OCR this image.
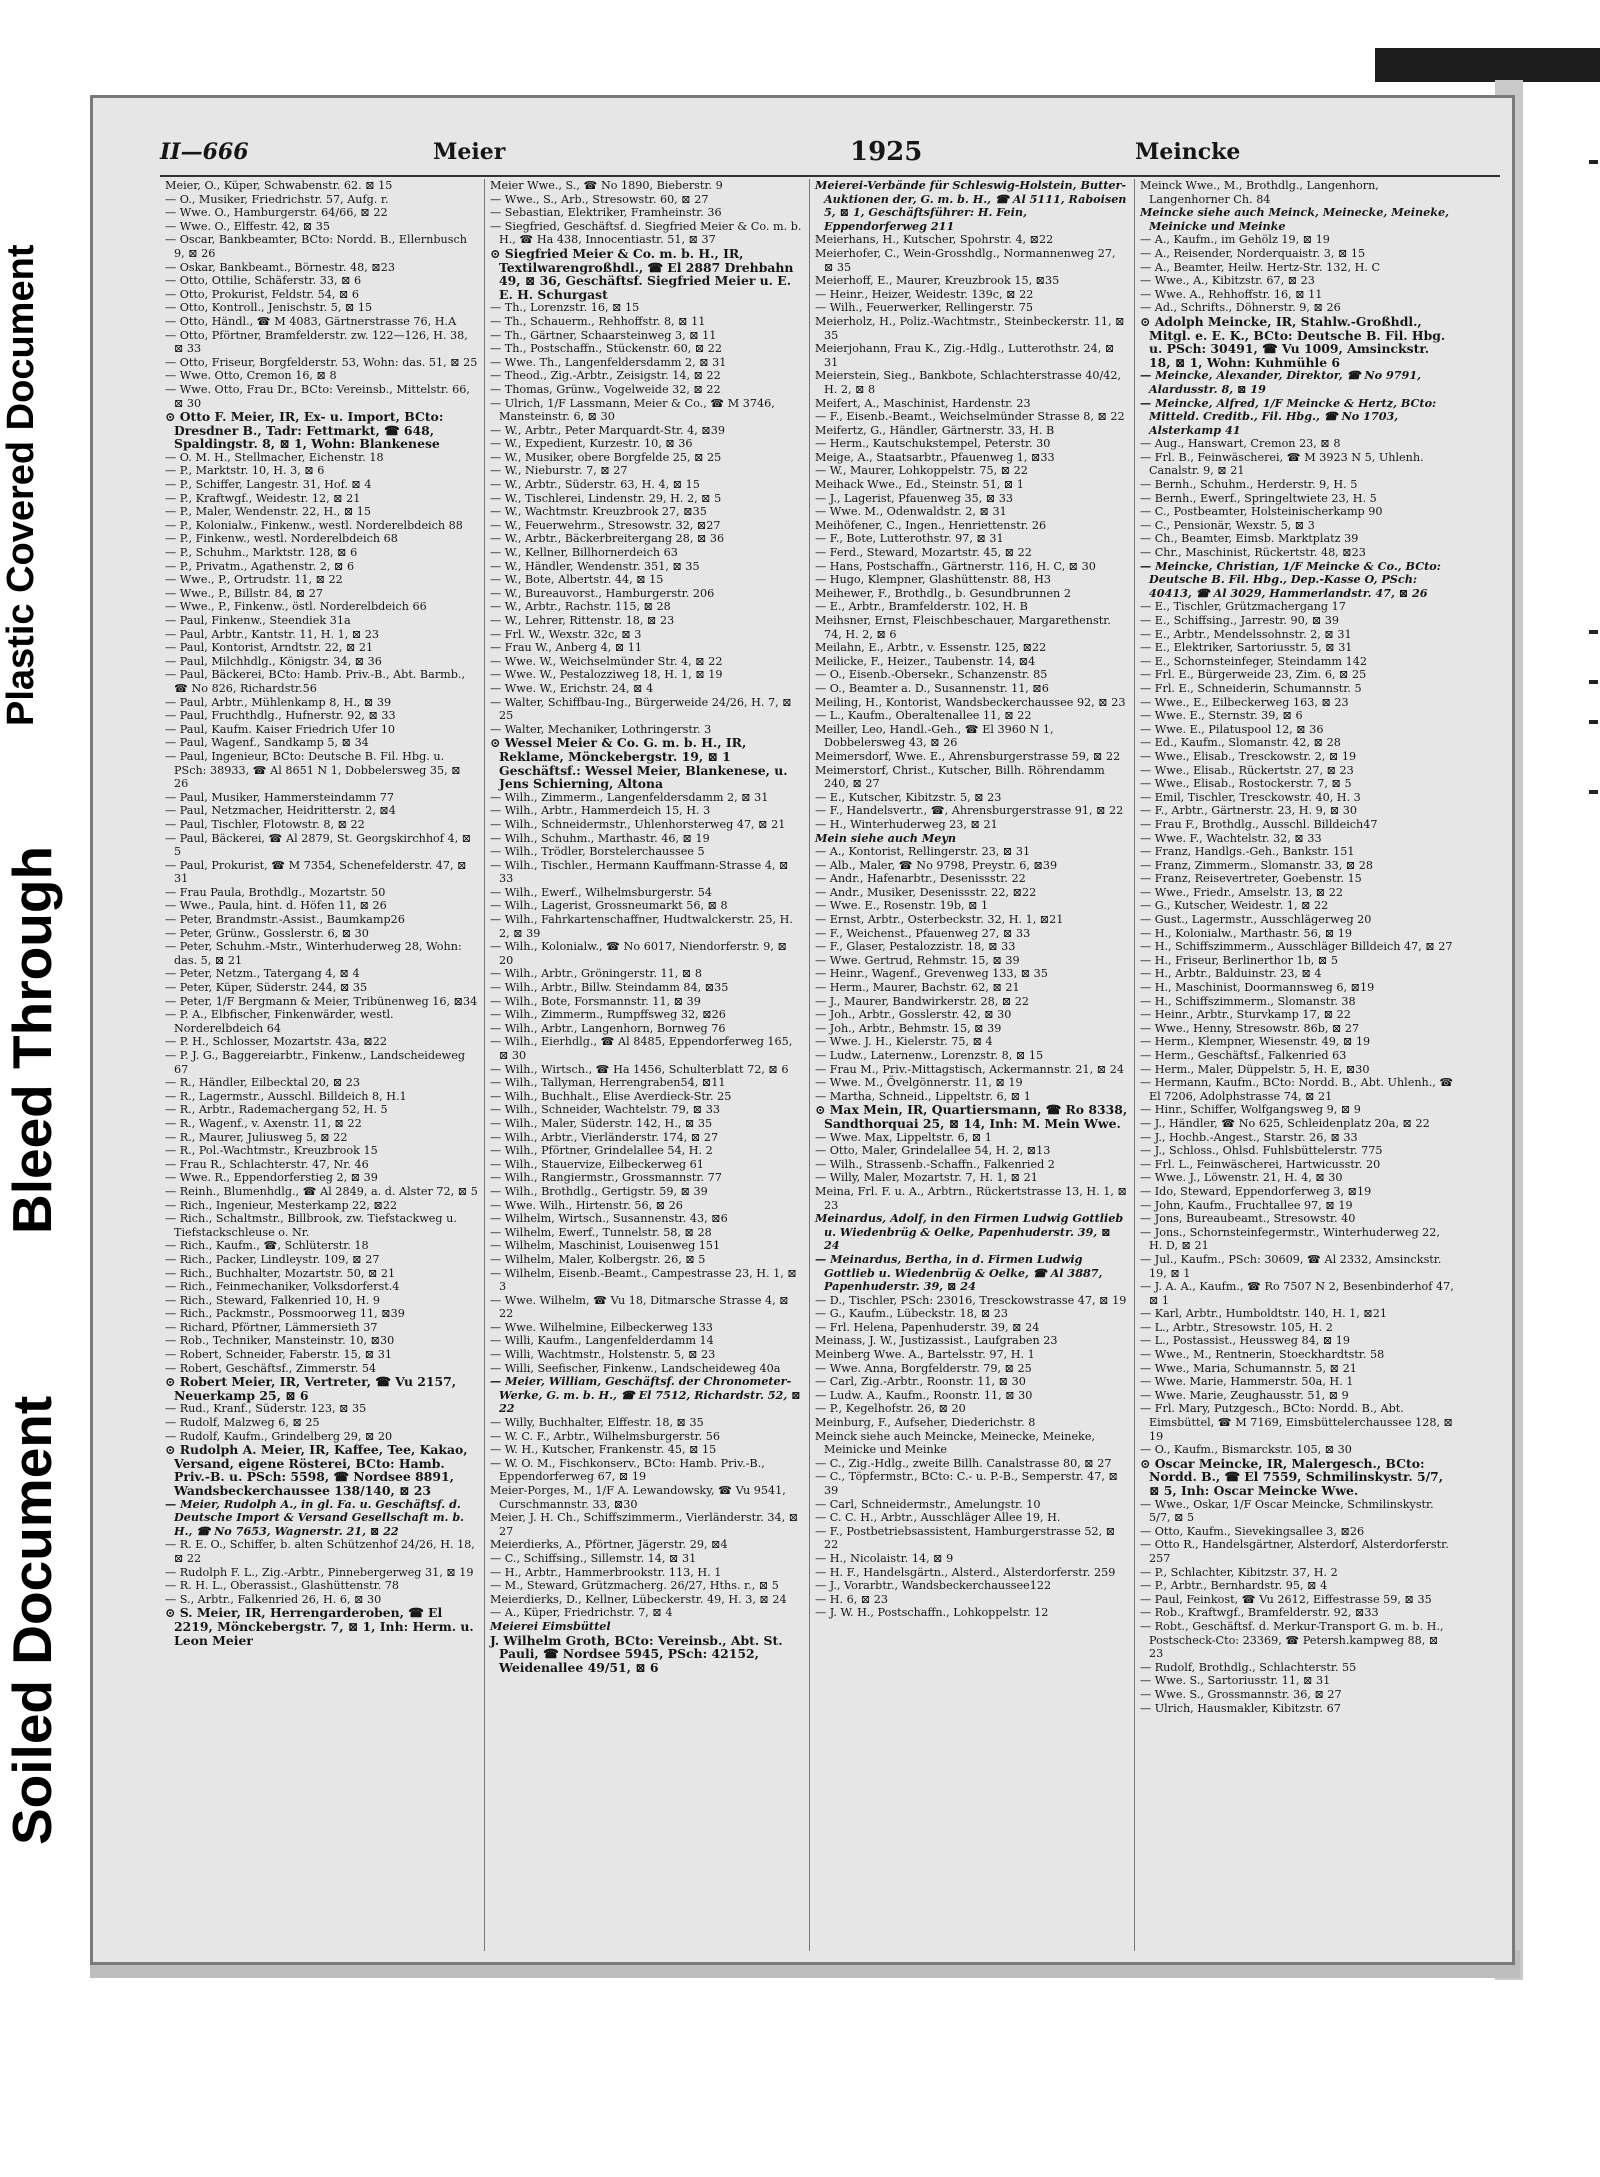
Plastic Covered Document
Bleed Through
Soiled Document
II—666	Meier	1925	Meincke
Meier, O., Küper, Schwabenstr. 62. ⊠ 15
— O., Musiker, Friedrichstr. 57, Aufg. r.
— Wwe. O., Hamburgerstr. 64/66, ⊠ 22
— Wwe. O., Elffestr. 42, ⊠ 35
— Oscar, Bankbeamter, BCto: Nordd. B., Ellernbusch 9, ⊠ 26
— Oskar, Bankbeamt., Börnestr. 48, ⊠23
— Otto, Ottilie, Schäferstr. 33, ⊠ 6
— Otto, Prokurist, Feldstr. 54, ⊠ 6
— Otto, Kontroll., Jenischstr. 5, ⊠ 15
— Otto, Händl., ☎ M 4083, Gärtnerstrasse 76, H.A
— Otto, Pförtner, Bramfelderstr. zw. 122—126, H. 38, ⊠ 33
— Otto, Friseur, Borgfelderstr. 53, Wohn: das. 51, ⊠ 25
— Wwe. Otto, Cremon 16, ⊠ 8
— Wwe. Otto, Frau Dr., BCto: Vereinsb., Mittelstr. 66, ⊠ 30
⊙ Otto F. Meier, IR, Ex- u. Import, BCto: Dresdner B., Tadr: Fettmarkt, ☎ 648, Spaldingstr. 8, ⊠ 1, Wohn: Blankenese
— O. M. H., Stellmacher, Eichenstr. 18
— P., Marktstr. 10, H. 3, ⊠ 6
— P., Schiffer, Langestr. 31, Hof. ⊠ 4
— P., Kraftwgf., Weidestr. 12, ⊠ 21
— P., Maler, Wendenstr. 22, H., ⊠ 15
— P., Kolonialw., Finkenw., westl. Norderelbdeich 88
— P., Finkenw., westl. Norderelbdeich 68
— P., Schuhm., Marktstr. 128, ⊠ 6
— P., Privatm., Agathenstr. 2, ⊠ 6
— Wwe., P., Ortrudstr. 11, ⊠ 22
— Wwe., P., Billstr. 84, ⊠ 27
— Wwe., P., Finkenw., östl. Norderelbdeich 66
— Paul, Finkenw., Steendiek 31a
— Paul, Arbtr., Kantstr. 11, H. 1, ⊠ 23
— Paul, Kontorist, Arndtstr. 22, ⊠ 21
— Paul, Milchhdlg., Königstr. 34, ⊠ 36
— Paul, Bäckerei, BCto: Hamb. Priv.-B., Abt. Barmb., ☎ No 826, Richardstr.56
— Paul, Arbtr., Mühlenkamp 8, H., ⊠ 39
— Paul, Fruchthdlg., Hufnerstr. 92, ⊠ 33
— Paul, Kaufm. Kaiser Friedrich Ufer 10
— Paul, Wagenf., Sandkamp 5, ⊠ 34
— Paul, Ingenieur, BCto: Deutsche B. Fil. Hbg. u. PSch: 38933, ☎ Al 8651 N 1, Dobbelersweg 35, ⊠ 26
— Paul, Musiker, Hammersteindamm 77
— Paul, Netzmacher, Heidritterstr. 2, ⊠4
— Paul, Tischler, Flotowstr. 8, ⊠ 22
— Paul, Bäckerei, ☎ Al 2879, St. Georgskirchhof 4, ⊠ 5
— Paul, Prokurist, ☎ M 7354, Schenefelderstr. 47, ⊠ 31
— Frau Paula, Brothdlg., Mozartstr. 50
— Wwe., Paula, hint. d. Höfen 11, ⊠ 26
— Peter, Brandmstr.-Assist., Baumkamp26
— Peter, Grünw., Gosslerstr. 6, ⊠ 30
— Peter, Schuhm.-Mstr., Winterhuderweg 28, Wohn: das. 5, ⊠ 21
— Peter, Netzm., Tatergang 4, ⊠ 4
— Peter, Küper, Süderstr. 244, ⊠ 35
— Peter, 1/F Bergmann & Meier, Tribünenweg 16, ⊠34
— P. A., Elbfischer, Finkenwärder, westl. Norderelbdeich 64
— P. H., Schlosser, Mozartstr. 43a, ⊠22
— P. J. G., Baggereiarbtr., Finkenw., Landscheideweg 67
— R., Händler, Eilbecktal 20, ⊠ 23
— R., Lagermstr., Ausschl. Billdeich 8, H.1
— R., Arbtr., Rademachergang 52, H. 5
— R., Wagenf., v. Axenstr. 11, ⊠ 22
— R., Maurer, Juliusweg 5, ⊠ 22
— R., Pol.-Wachtmstr., Kreuzbrook 15
— Frau R., Schlachterstr. 47, Nr. 46
— Wwe. R., Eppendorferstieg 2, ⊠ 39
— Reinh., Blumenhdlg., ☎ Al 2849, a. d. Alster 72, ⊠ 5
— Rich., Ingenieur, Mesterkamp 22, ⊠22
— Rich., Schaltmstr., Billbrook, zw. Tiefstackweg u. Tiefstackschleuse o. Nr.
— Rich., Kaufm., ☎, Schlüterstr. 18
— Rich., Packer, Lindleystr. 109, ⊠ 27
— Rich., Buchhalter, Mozartstr. 50, ⊠ 21
— Rich., Feinmechaniker, Volksdorferst.4
— Rich., Steward, Falkenried 10, H. 9
— Rich., Packmstr., Possmoorweg 11, ⊠39
— Richard, Pförtner, Lämmersieth 37
— Rob., Techniker, Mansteinstr. 10, ⊠30
— Robert, Schneider, Faberstr. 15, ⊠ 31
— Robert, Geschäftsf., Zimmerstr. 54
⊙ Robert Meier, IR, Vertreter, ☎ Vu 2157, Neuerkamp 25, ⊠ 6
— Rud., Kranf., Süderstr. 123, ⊠ 35
— Rudolf, Malzweg 6, ⊠ 25
— Rudolf, Kaufm., Grindelberg 29, ⊠ 20
⊙ Rudolph A. Meier, IR, Kaffee, Tee, Kakao, Versand, eigene Rösterei, BCto: Hamb. Priv.-B. u. PSch: 5598, ☎ Nordsee 8891, Wandsbeckerchaussee 138/140, ⊠ 23
— Meier, Rudolph A., in gl. Fa. u. Geschäftsf. d. Deutsche Import & Versand Gesellschaft m. b. H., ☎ No 7653, Wagnerstr. 21, ⊠ 22
— R. E. O., Schiffer, b. alten Schützenhof 24/26, H. 18, ⊠ 22
— Rudolph F. L., Zig.-Arbtr., Pinnebergerweg 31, ⊠ 19
— R. H. L., Oberassist., Glashüttenstr. 78
— S., Arbtr., Falkenried 26, H. 6, ⊠ 30
⊙ S. Meier, IR, Herrengarderoben, ☎ El 2219, Mönckebergstr. 7, ⊠ 1, Inh: Herm. u. Leon Meier
Meier Wwe., S., ☎ No 1890, Bieberstr. 9
— Wwe., S., Arb., Stresowstr. 60, ⊠ 27
— Sebastian, Elektriker, Framheinstr. 36
— Siegfried, Geschäftsf. d. Siegfried Meier & Co. m. b. H., ☎ Ha 438, Innocentiastr. 51, ⊠ 37
⊙ Siegfried Meier & Co. m. b. H., IR, Textilwarengroßhdl., ☎ El 2887 Drehbahn 49, ⊠ 36, Geschäftsf. Siegfried Meier u. E. E. H. Schurgast
— Th., Lorenzstr. 16, ⊠ 15
— Th., Schauerm., Rehhoffstr. 8, ⊠ 11
— Th., Gärtner, Schaarsteinweg 3, ⊠ 11
— Th., Postschaffn., Stückenstr. 60, ⊠ 22
— Wwe. Th., Langenfeldersdamm 2, ⊠ 31
— Theod., Zig.-Arbtr., Zeisigstr. 14, ⊠ 22
— Thomas, Grünw., Vogelweide 32, ⊠ 22
— Ulrich, 1/F Lassmann, Meier & Co., ☎ M 3746, Mansteinstr. 6, ⊠ 30
— W., Arbtr., Peter Marquardt-Str. 4, ⊠39
— W., Expedient, Kurzestr. 10, ⊠ 36
— W., Musiker, obere Borgfelde 25, ⊠ 25
— W., Nieburstr. 7, ⊠ 27
— W., Arbtr., Süderstr. 63, H. 4, ⊠ 15
— W., Tischlerei, Lindenstr. 29, H. 2, ⊠ 5
— W., Wachtmstr. Kreuzbrook 27, ⊠35
— W., Feuerwehrm., Stresowstr. 32, ⊠27
— W., Arbtr., Bäckerbreitergang 28, ⊠ 36
— W., Kellner, Billhornerdeich 63
— W., Händler, Wendenstr. 351, ⊠ 35
— W., Bote, Albertstr. 44, ⊠ 15
— W., Bureauvorst., Hamburgerstr. 206
— W., Arbtr., Rachstr. 115, ⊠ 28
— W., Lehrer, Rittenstr. 18, ⊠ 23
— Frl. W., Wexstr. 32c, ⊠ 3
— Frau W., Anberg 4, ⊠ 11
— Wwe. W., Weichselmünder Str. 4, ⊠ 22
— Wwe. W., Pestalozziweg 18, H. 1, ⊠ 19
— Wwe. W., Erichstr. 24, ⊠ 4
— Walter, Schiffbau-Ing., Bürgerweide 24/26, H. 7, ⊠ 25
— Walter, Mechaniker, Lothringerstr. 3
⊙ Wessel Meier & Co. G. m. b. H., IR, Reklame, Mönckebergstr. 19, ⊠ 1 Geschäftsf.: Wessel Meier, Blankenese, u. Jens Schierning, Altona
— Wilh., Zimmerm., Langenfeldersdamm 2, ⊠ 31
— Wilh., Arbtr., Hammerdeich 15, H. 3
— Wilh., Schneidermstr., Uhlenhorsterweg 47, ⊠ 21
— Wilh., Schuhm., Marthastr. 46, ⊠ 19
— Wilh., Trödler, Borstelerchaussee 5
— Wilh., Tischler., Hermann Kauffmann-Strasse 4, ⊠ 33
— Wilh., Ewerf., Wilhelmsburgerstr. 54
— Wilh., Lagerist, Grossneumarkt 56, ⊠ 8
— Wilh., Fahrkartenschaffner, Hudtwalckerstr. 25, H. 2, ⊠ 39
— Wilh., Kolonialw., ☎ No 6017, Niendorferstr. 9, ⊠ 20
— Wilh., Arbtr., Gröningerstr. 11, ⊠ 8
— Wilh., Arbtr., Billw. Steindamm 84, ⊠35
— Wilh., Bote, Forsmannstr. 11, ⊠ 39
— Wilh., Zimmerm., Rumpffsweg 32, ⊠26
— Wilh., Arbtr., Langenhorn, Bornweg 76
— Wilh., Eierhdlg., ☎ Al 8485, Eppendorferweg 165, ⊠ 30
— Wilh., Wirtsch., ☎ Ha 1456, Schulterblatt 72, ⊠ 6
— Wilh., Tallyman, Herrengraben54, ⊠11
— Wilh., Buchhalt., Elise Averdieck-Str. 25
— Wilh., Schneider, Wachtelstr. 79, ⊠ 33
— Wilh., Maler, Süderstr. 142, H., ⊠ 35
— Wilh., Arbtr., Vierländerstr. 174, ⊠ 27
— Wilh., Pförtner, Grindelallee 54, H. 2
— Wilh., Stauervize, Eilbeckerweg 61
— Wilh., Rangiermstr., Grossmannstr. 77
— Wilh., Brothdlg., Gertigstr. 59, ⊠ 39
— Wwe. Wilh., Hirtenstr. 56, ⊠ 26
— Wilhelm, Wirtsch., Susannenstr. 43, ⊠6
— Wilhelm, Ewerf., Tunnelstr. 58, ⊠ 28
— Wilhelm, Maschinist, Louisenweg 151
— Wilhelm, Maler, Kolbergstr. 26, ⊠ 5
— Wilhelm, Eisenb.-Beamt., Campestrasse 23, H. 1, ⊠ 3
— Wwe. Wilhelm, ☎ Vu 18, Ditmarsche Strasse 4, ⊠ 22
— Wwe. Wilhelmine, Eilbeckerweg 133
— Willi, Kaufm., Langenfelderdamm 14
— Willi, Wachtmstr., Holstenstr. 5, ⊠ 23
— Willi, Seefischer, Finkenw., Landscheideweg 40a
— Meier, William, Geschäftsf. der Chronometer-Werke, G. m. b. H., ☎ El 7512, Richardstr. 52, ⊠ 22
— Willy, Buchhalter, Elffestr. 18, ⊠ 35
— W. C. F., Arbtr., Wilhelmsburgerstr. 56
— W. H., Kutscher, Frankenstr. 45, ⊠ 15
— W. O. M., Fischkonserv., BCto: Hamb. Priv.-B., Eppendorferweg 67, ⊠ 19
Meier-Porges, M., 1/F A. Lewandowsky, ☎ Vu 9541, Curschmannstr. 33, ⊠30
Meier, J. H. Ch., Schiffszimmerm., Vierländerstr. 34, ⊠ 27
Meierdierks, A., Pförtner, Jägerstr. 29, ⊠4
— C., Schiffsing., Sillemstr. 14, ⊠ 31
— H., Arbtr., Hammerbrookstr. 113, H. 1
— M., Steward, Grützmacherg. 26/27, Hths. r., ⊠ 5
Meierdierks, D., Kellner, Lübeckerstr. 49, H. 3, ⊠ 24
— A., Küper, Friedrichstr. 7, ⊠ 4
Meierei Eimsbüttel
J. Wilhelm Groth, BCto: Vereinsb., Abt. St. Pauli, ☎ Nordsee 5945, PSch: 42152, Weidenallee 49/51, ⊠ 6
Meierei-Verbände für Schleswig-Holstein, Butter-Auktionen der, G. m. b. H., ☎ Al 5111, Raboisen 5, ⊠ 1, Geschäftsführer: H. Fein, Eppendorferweg 211
Meierhans, H., Kutscher, Spohrstr. 4, ⊠22
Meierhofer, C., Wein-Grosshdlg., Normannenweg 27, ⊠ 35
Meierhoff, E., Maurer, Kreuzbrook 15, ⊠35
— Heinr., Heizer, Weidestr. 139c, ⊠ 22
— Wilh., Feuerwerker, Rellingerstr. 75
Meierholz, H., Poliz.-Wachtmstr., Steinbeckerstr. 11, ⊠ 35
Meierjohann, Frau K., Zig.-Hdlg., Lutterothstr. 24, ⊠ 31
Meierstein, Sieg., Bankbote, Schlachterstrasse 40/42, H. 2, ⊠ 8
Meifert, A., Maschinist, Hardenstr. 23
— F., Eisenb.-Beamt., Weichselmünder Strasse 8, ⊠ 22
Meifertz, G., Händler, Gärtnerstr. 33, H. B
— Herm., Kautschukstempel, Peterstr. 30
Meige, A., Staatsarbtr., Pfauenweg 1, ⊠33
— W., Maurer, Lohkoppelstr. 75, ⊠ 22
Meihack Wwe., Ed., Steinstr. 51, ⊠ 1
— J., Lagerist, Pfauenweg 35, ⊠ 33
— Wwe. M., Odenwaldstr. 2, ⊠ 31
Meihöfener, C., Ingen., Henriettenstr. 26
— F., Bote, Lutterothstr. 97, ⊠ 31
— Ferd., Steward, Mozartstr. 45, ⊠ 22
— Hans, Postschaffn., Gärtnerstr. 116, H. C, ⊠ 30
— Hugo, Klempner, Glashüttenstr. 88, H3
Meihewer, F., Brothdlg., b. Gesundbrunnen 2
— E., Arbtr., Bramfelderstr. 102, H. B
Meihsner, Ernst, Fleischbeschauer, Margarethenstr. 74, H. 2, ⊠ 6
Meilahn, E., Arbtr., v. Essenstr. 125, ⊠22
Meilicke, F., Heizer., Taubenstr. 14, ⊠4
— O., Eisenb.-Obersekr., Schanzenstr. 85
— O., Beamter a. D., Susannenstr. 11, ⊠6
Meiling, H., Kontorist, Wandsbeckerchaussee 92, ⊠ 23
— L., Kaufm., Oberaltenallee 11, ⊠ 22
Meiller, Leo, Handl.-Geh., ☎ El 3960 N 1, Dobbelersweg 43, ⊠ 26
Meimersdorf, Wwe. E., Ahrensburgerstrasse 59, ⊠ 22
Meimerstorf, Christ., Kutscher, Billh. Röhrendamm 240, ⊠ 27
— E., Kutscher, Kibitzstr. 5, ⊠ 23
— F., Handelsvertr., ☎, Ahrensburgerstrasse 91, ⊠ 22
— H., Winterhuderweg 23, ⊠ 21
Mein siehe auch Meyn
— A., Kontorist, Rellingerstr. 23, ⊠ 31
— Alb., Maler, ☎ No 9798, Preystr. 6, ⊠39
— Andr., Hafenarbtr., Desenissstr. 22
— Andr., Musiker, Desenissstr. 22, ⊠22
— Wwe. E., Rosenstr. 19b, ⊠ 1
— Ernst, Arbtr., Osterbeckstr. 32, H. 1, ⊠21
— F., Weichenst., Pfauenweg 27, ⊠ 33
— F., Glaser, Pestalozzistr. 18, ⊠ 33
— Wwe. Gertrud, Rehmstr. 15, ⊠ 39
— Heinr., Wagenf., Grevenweg 133, ⊠ 35
— Herm., Maurer, Bachstr. 62, ⊠ 21
— J., Maurer, Bandwirkerstr. 28, ⊠ 22
— Joh., Arbtr., Gosslerstr. 42, ⊠ 30
— Joh., Arbtr., Behmstr. 15, ⊠ 39
— Wwe. J. H., Kielerstr. 75, ⊠ 4
— Ludw., Laternenw., Lorenzstr. 8, ⊠ 15
— Frau M., Priv.-Mittagstisch, Ackermannstr. 21, ⊠ 24
— Wwe. M., Övelgönnerstr. 11, ⊠ 19
— Martha, Schneid., Lippeltstr. 6, ⊠ 1
⊙ Max Mein, IR, Quartiersmann, ☎ Ro 8338, Sandthorquai 25, ⊠ 14, Inh: M. Mein Wwe.
— Wwe. Max, Lippeltstr. 6, ⊠ 1
— Otto, Maler, Grindelallee 54, H. 2, ⊠13
— Wilh., Strassenb.-Schaffn., Falkenried 2
— Willy, Maler, Mozartstr. 7, H. 1, ⊠ 21
Meina, Frl. F. u. A., Arbtrn., Rückertstrasse 13, H. 1, ⊠ 23
Meinardus, Adolf, in den Firmen Ludwig Gottlieb u. Wiedenbrüg & Oelke, Papenhuderstr. 39, ⊠ 24
— Meinardus, Bertha, in d. Firmen Ludwig Gottlieb u. Wiedenbrüg & Oelke, ☎ Al 3887, Papenhuderstr. 39, ⊠ 24
— D., Tischler, PSch: 23016, Tresckowstrasse 47, ⊠ 19
— G., Kaufm., Lübeckstr. 18, ⊠ 23
— Frl. Helena, Papenhuderstr. 39, ⊠ 24
Meinass, J. W., Justizassist., Laufgraben 23
Meinberg Wwe. A., Bartelsstr. 97, H. 1
— Wwe. Anna, Borgfelderstr. 79, ⊠ 25
— Carl, Zig.-Arbtr., Roonstr. 11, ⊠ 30
— Ludw. A., Kaufm., Roonstr. 11, ⊠ 30
— P., Kegelhofstr. 26, ⊠ 20
Meinburg, F., Aufseher, Diederichstr. 8
Meinck siehe auch Meincke, Meinecke, Meineke, Meinicke und Meinke
— C., Zig.-Hdlg., zweite Billh. Canalstrasse 80, ⊠ 27
— C., Töpfermstr., BCto: C.- u. P.-B., Semperstr. 47, ⊠ 39
— Carl, Schneidermstr., Amelungstr. 10
— C. C. H., Arbtr., Ausschläger Allee 19, H.
— F., Postbetriebsassistent, Hamburgerstrasse 52, ⊠ 22
— H., Nicolaistr. 14, ⊠ 9
— H. F., Handelsgärtn., Alsterd., Alsterdorferstr. 259
— J., Vorarbtr., Wandsbeckerchaussee122
— H. 6, ⊠ 23
— J. W. H., Postschaffn., Lohkoppelstr. 12
Meinck Wwe., M., Brothdlg., Langenhorn, Langenhorner Ch. 84
Meincke siehe auch Meinck, Meinecke, Meineke, Meinicke und Meinke
— A., Kaufm., im Gehölz 19, ⊠ 19
— A., Reisender, Norderquaistr. 3, ⊠ 15
— A., Beamter, Heilw. Hertz-Str. 132, H. C
— Wwe., A., Kibitzstr. 67, ⊠ 23
— Wwe. A., Rehhoffstr. 16, ⊠ 11
— Ad., Schrifts., Döhnerstr. 9, ⊠ 26
⊙ Adolph Meincke, IR, Stahlw.-Großhdl., Mitgl. e. E. K., BCto: Deutsche B. Fil. Hbg. u. PSch: 30491, ☎ Vu 1009, Amsinckstr. 18, ⊠ 1, Wohn: Kuhmühle 6
— Meincke, Alexander, Direktor, ☎ No 9791, Alardusstr. 8, ⊠ 19
— Meincke, Alfred, 1/F Meincke & Hertz, BCto: Mitteld. Creditb., Fil. Hbg., ☎ No 1703, Alsterkamp 41
— Aug., Hanswart, Cremon 23, ⊠ 8
— Frl. B., Feinwäscherei, ☎ M 3923 N 5, Uhlenh. Canalstr. 9, ⊠ 21
— Bernh., Schuhm., Herderstr. 9, H. 5
— Bernh., Ewerf., Springeltwiete 23, H. 5
— C., Postbeamter, Holsteinischerkamp 90
— C., Pensionär, Wexstr. 5, ⊠ 3
— Ch., Beamter, Eimsb. Marktplatz 39
— Chr., Maschinist, Rückertstr. 48, ⊠23
— Meincke, Christian, 1/F Meincke & Co., BCto: Deutsche B. Fil. Hbg., Dep.-Kasse O, PSch: 40413, ☎ Al 3029, Hammerlandstr. 47, ⊠ 26
— E., Tischler, Grützmachergang 17
— E., Schiffsing., Jarrestr. 90, ⊠ 39
— E., Arbtr., Mendelssohnstr. 2, ⊠ 31
— E., Elektriker, Sartoriusstr. 5, ⊠ 31
— E., Schornsteinfeger, Steindamm 142
— Frl. E., Bürgerweide 23, Zim. 6, ⊠ 25
— Frl. E., Schneiderin, Schumannstr. 5
— Wwe., E., Eilbeckerweg 163, ⊠ 23
— Wwe. E., Sternstr. 39, ⊠ 6
— Wwe. E., Pilatuspool 12, ⊠ 36
— Ed., Kaufm., Slomanstr. 42, ⊠ 28
— Wwe., Elisab., Tresckowstr. 2, ⊠ 19
— Wwe., Elisab., Rückertstr. 27, ⊠ 23
— Wwe., Elisab., Rostockerstr. 7, ⊠ 5
— Emil, Tischler, Tresckowstr. 40, H. 3
— F., Arbtr., Gärtnerstr. 23, H. 9, ⊠ 30
— Frau F., Brothdlg., Ausschl. Billdeich47
— Wwe. F., Wachtelstr. 32, ⊠ 33
— Franz, Handlgs.-Geh., Bankstr. 151
— Franz, Zimmerm., Slomanstr. 33, ⊠ 28
— Franz, Reisevertreter, Goebenstr. 15
— Wwe., Friedr., Amselstr. 13, ⊠ 22
— G., Kutscher, Weidestr. 1, ⊠ 22
— Gust., Lagermstr., Ausschlägerweg 20
— H., Kolonialw., Marthastr. 56, ⊠ 19
— H., Schiffszimmerm., Ausschläger Billdeich 47, ⊠ 27
— H., Friseur, Berlinerthor 1b, ⊠ 5
— H., Arbtr., Balduinstr. 23, ⊠ 4
— H., Maschinist, Doormannsweg 6, ⊠19
— H., Schiffszimmerm., Slomanstr. 38
— Heinr., Arbtr., Sturvkamp 17, ⊠ 22
— Wwe., Henny, Stresowstr. 86b, ⊠ 27
— Herm., Klempner, Wiesenstr. 49, ⊠ 19
— Herm., Geschäftsf., Falkenried 63
— Herm., Maler, Düppelstr. 5, H. E, ⊠30
— Hermann, Kaufm., BCto: Nordd. B., Abt. Uhlenh., ☎ El 7206, Adolphstrasse 74, ⊠ 21
— Hinr., Schiffer, Wolfgangsweg 9, ⊠ 9
— J., Händler, ☎ No 625, Schleidenplatz 20a, ⊠ 22
— J., Hochb.-Angest., Starstr. 26, ⊠ 33
— J., Schloss., Ohlsd. Fuhlsbüttelerstr. 775
— Frl. L., Feinwäscherei, Hartwicusstr. 20
— Wwe. J., Löwenstr. 21, H. 4, ⊠ 30
— Ido, Steward, Eppendorferweg 3, ⊠19
— John, Kaufm., Fruchtallee 97, ⊠ 19
— Jons, Bureaubeamt., Stresowstr. 40
— Jons., Schornsteinfegermstr., Winterhuderweg 22, H. D, ⊠ 21
— Jul., Kaufm., PSch: 30609, ☎ Al 2332, Amsinckstr. 19, ⊠ 1
— J. A. A., Kaufm., ☎ Ro 7507 N 2, Besenbinderhof 47, ⊠ 1
— Karl, Arbtr., Humboldtstr. 140, H. 1, ⊠21
— L., Arbtr., Stresowstr. 105, H. 2
— L., Postassist., Heussweg 84, ⊠ 19
— Wwe., M., Rentnerin, Stoeckhardtstr. 58
— Wwe., Maria, Schumannstr. 5, ⊠ 21
— Wwe. Marie, Hammerstr. 50a, H. 1
— Wwe. Marie, Zeughausstr. 51, ⊠ 9
— Frl. Mary, Putzgesch., BCto: Nordd. B., Abt. Eimsbüttel, ☎ M 7169, Eimsbüttelerchaussee 128, ⊠ 19
— O., Kaufm., Bismarckstr. 105, ⊠ 30
⊙ Oscar Meincke, IR, Malergesch., BCto: Nordd. B., ☎ El 7559, Schmilinskystr. 5/7, ⊠ 5, Inh: Oscar Meincke Wwe.
— Wwe., Oskar, 1/F Oscar Meincke, Schmilinskystr. 5/7, ⊠ 5
— Otto, Kaufm., Sievekingsallee 3, ⊠26
— Otto R., Handelsgärtner, Alsterdorf, Alsterdorferstr. 257
— P., Schlachter, Kibitzstr. 37, H. 2
— P., Arbtr., Bernhardstr. 95, ⊠ 4
— Paul, Feinkost, ☎ Vu 2612, Eiffestrasse 59, ⊠ 35
— Rob., Kraftwgf., Bramfelderstr. 92, ⊠33
— Robt., Geschäftsf. d. Merkur-Transport G. m. b. H., Postscheck-Cto: 23369, ☎ Petersh.kampweg 88, ⊠ 23
— Rudolf, Brothdlg., Schlachterstr. 55
— Wwe. S., Sartoriusstr. 11, ⊠ 31
— Wwe. S., Grossmannstr. 36, ⊠ 27
— Ulrich, Hausmakler, Kibitzstr. 67
